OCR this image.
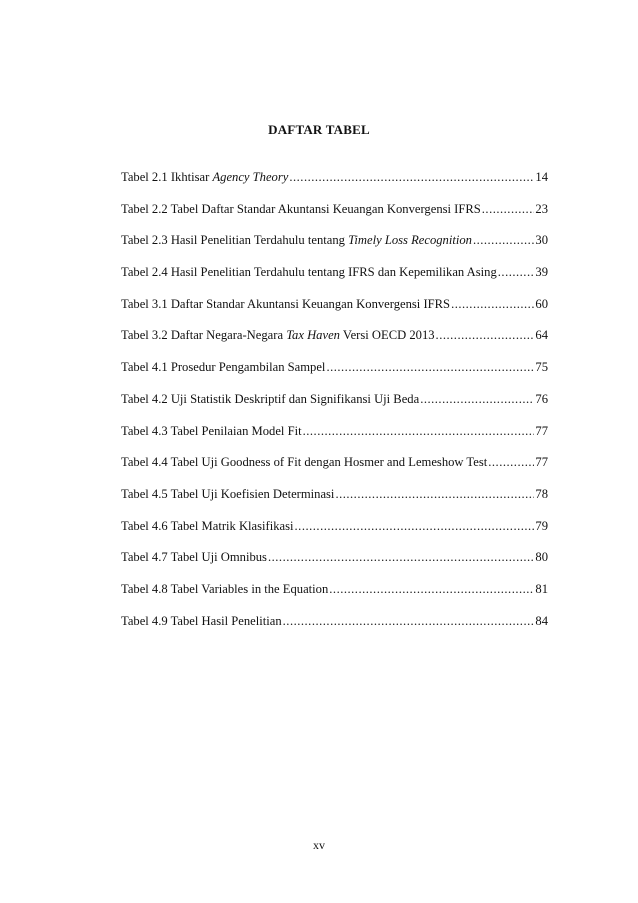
DAFTAR TABEL
Tabel 2.1 Ikhtisar Agency Theory .....	14
Tabel 2.2 Tabel Daftar Standar Akuntansi Keuangan Konvergensi IFRS .....	23
Tabel 2.3 Hasil Penelitian Terdahulu tentang Timely Loss Recognition .....	30
Tabel 2.4 Hasil Penelitian Terdahulu tentang IFRS dan Kepemilikan Asing .....	39
Tabel 3.1 Daftar Standar Akuntansi Keuangan Konvergensi IFRS .....	60
Tabel 3.2 Daftar Negara-Negara Tax Haven Versi OECD 2013 .....	64
Tabel 4.1 Prosedur Pengambilan Sampel .....	75
Tabel 4.2 Uji Statistik Deskriptif dan Signifikansi Uji Beda .....	76
Tabel 4.3 Tabel Penilaian Model Fit .....	77
Tabel 4.4 Tabel Uji Goodness of Fit dengan Hosmer and Lemeshow Test .....	77
Tabel 4.5 Tabel Uji Koefisien Determinasi .....	78
Tabel 4.6 Tabel Matrik Klasifikasi .....	79
Tabel 4.7 Tabel Uji Omnibus .....	80
Tabel 4.8 Tabel Variables in the Equation .....	81
Tabel 4.9 Tabel Hasil Penelitian .....	84
xv
